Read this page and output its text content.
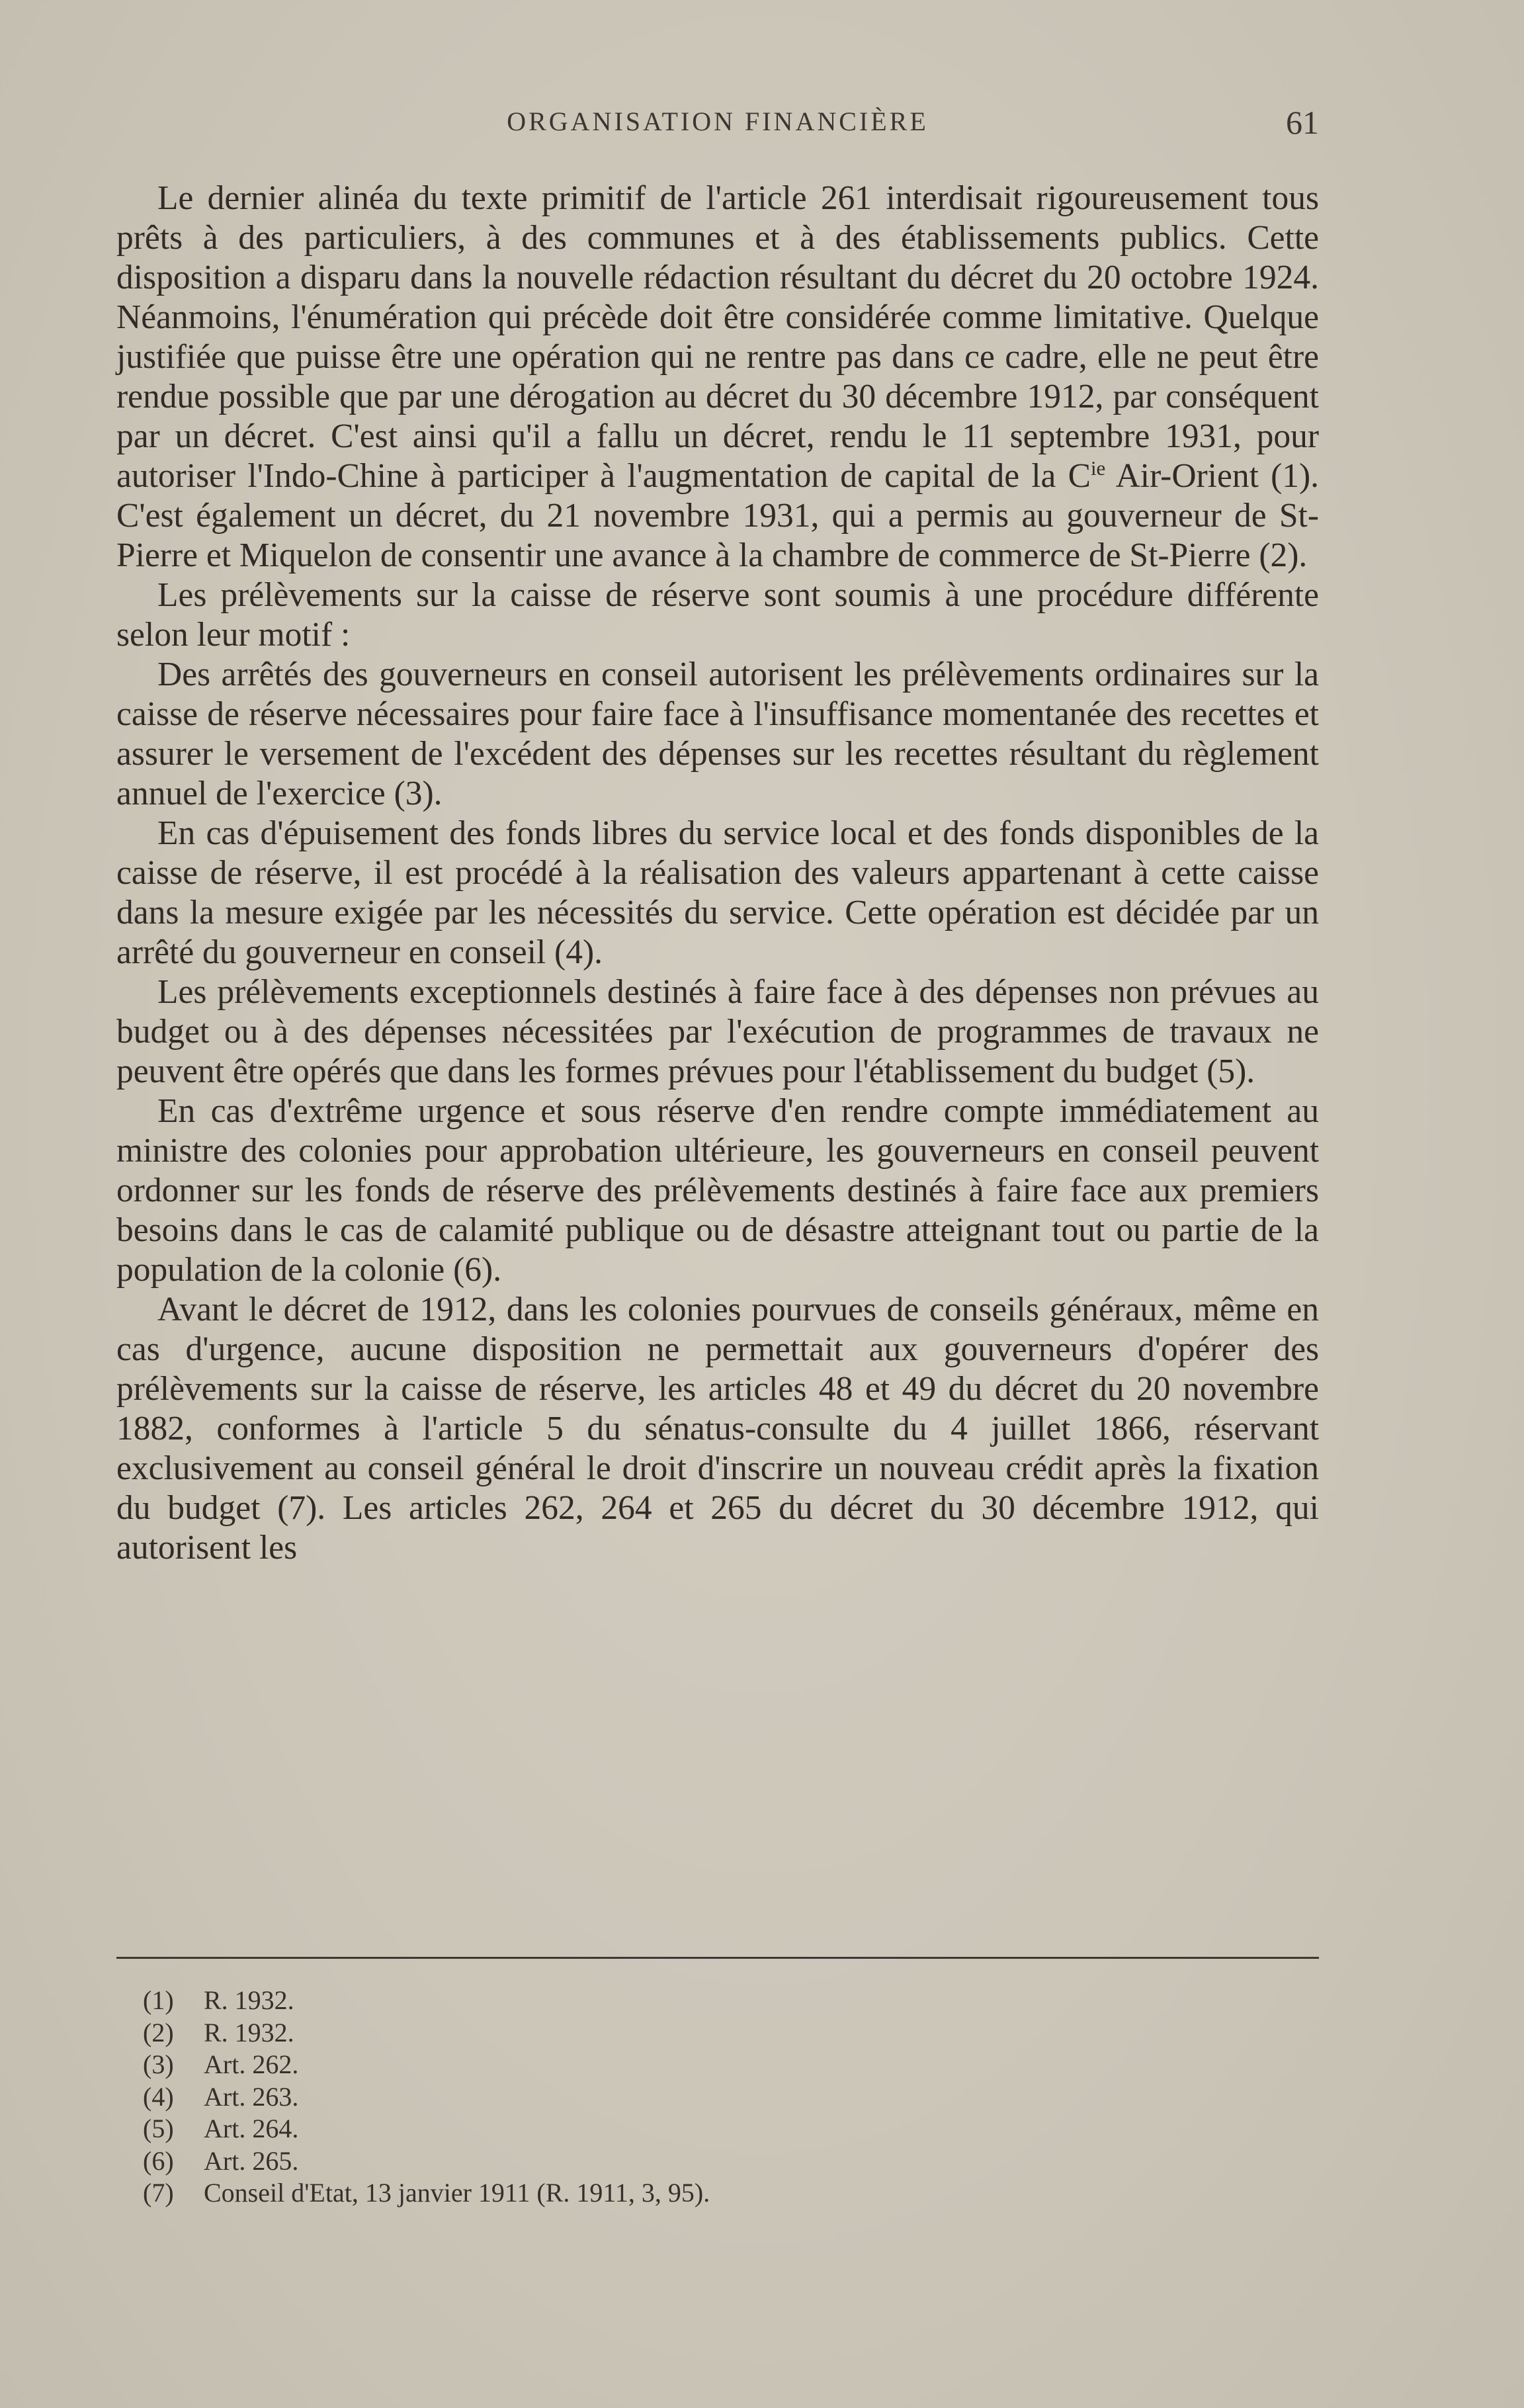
ORGANISATION FINANCIÈRE	61

Le dernier alinéa du texte primitif de l'article 261 interdisait rigoureusement tous prêts à des particuliers, à des communes et à des établissements publics. Cette disposition a disparu dans la nouvelle rédaction résultant du décret du 20 octobre 1924. Néanmoins, l'énumération qui précède doit être considérée comme limitative. Quelque justifiée que puisse être une opération qui ne rentre pas dans ce cadre, elle ne peut être rendue possible que par une dérogation au décret du 30 décembre 1912, par conséquent par un décret. C'est ainsi qu'il a fallu un décret, rendu le 11 septembre 1931, pour autoriser l'Indo-Chine à participer à l'augmentation de capital de la $C^{ie}$ Air-Orient (1). C'est également un décret, du 21 novembre 1931, qui a permis au gouverneur de St-Pierre et Miquelon de consentir une avance à la chambre de commerce de St-Pierre (2).

Les prélèvements sur la caisse de réserve sont soumis à une procédure différente selon leur motif :

Des arrêtés des gouverneurs en conseil autorisent les prélèvements ordinaires sur la caisse de réserve nécessaires pour faire face à l'insuffisance momentanée des recettes et assurer le versement de l'excédent des dépenses sur les recettes résultant du règlement annuel de l'exercice (3).

En cas d'épuisement des fonds libres du service local et des fonds disponibles de la caisse de réserve, il est procédé à la réalisation des valeurs appartenant à cette caisse dans la mesure exigée par les nécessités du service. Cette opération est décidée par un arrêté du gouverneur en conseil (4).

Les prélèvements exceptionnels destinés à faire face à des dépenses non prévues au budget ou à des dépenses nécessitées par l'exécution de programmes de travaux ne peuvent être opérés que dans les formes prévues pour l'établissement du budget (5).

En cas d'extrême urgence et sous réserve d'en rendre compte immédiatement au ministre des colonies pour approbation ultérieure, les gouverneurs en conseil peuvent ordonner sur les fonds de réserve des prélèvements destinés à faire face aux premiers besoins dans le cas de calamité publique ou de désastre atteignant tout ou partie de la population de la colonie (6).

Avant le décret de 1912, dans les colonies pourvues de conseils généraux, même en cas d'urgence, aucune disposition ne permettait aux gouverneurs d'opérer des prélèvements sur la caisse de réserve, les articles 48 et 49 du décret du 20 novembre 1882, conformes à l'article 5 du sénatus-consulte du 4 juillet 1866, réservant exclusivement au conseil général le droit d'inscrire un nouveau crédit après la fixation du budget (7). Les articles 262, 264 et 265 du décret du 30 décembre 1912, qui autorisent les

(1) R. 1932.
(2) R. 1932.
(3) Art. 262.
(4) Art. 263.
(5) Art. 264.
(6) Art. 265.
(7) Conseil d'Etat, 13 janvier 1911 (R. 1911, 3, 95).
